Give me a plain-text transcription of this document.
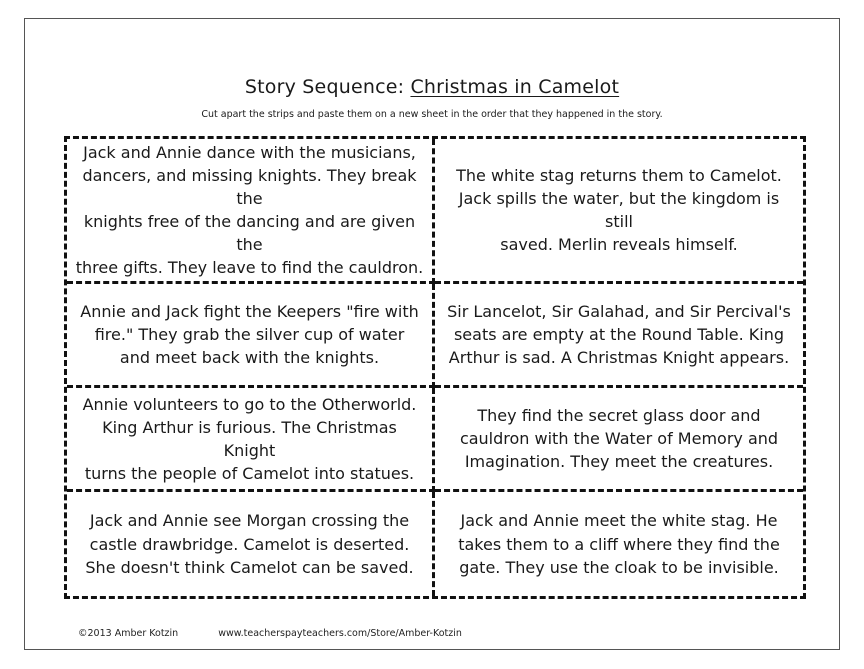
Story Sequence: Christmas in Camelot
Cut apart the strips and paste them on a new sheet in the order that they happened in the story.
Jack and Annie dance with the musicians,
dancers, and missing knights. They break the
knights free of the dancing and are given the
three gifts. They leave to find the cauldron.
The white stag returns them to Camelot.
Jack spills the water, but the kingdom is still
saved. Merlin reveals himself.
Annie and Jack fight the Keepers "fire with
fire." They grab the silver cup of water
and meet back with the knights.
Sir Lancelot, Sir Galahad, and Sir Percival's
seats are empty at the Round Table. King
Arthur is sad. A Christmas Knight appears.
Annie volunteers to go to the Otherworld.
King Arthur is furious. The Christmas Knight
turns the people of Camelot into statues.
They find the secret glass door and
cauldron with the Water of Memory and
Imagination. They meet the creatures.
Jack and Annie see Morgan crossing the
castle drawbridge. Camelot is deserted.
She doesn't think Camelot can be saved.
Jack and Annie meet the white stag. He
takes them to a cliff where they find the
gate. They use the cloak to be invisible.
©2013 Amber Kotzin	www.teacherspayteachers.com/Store/Amber-Kotzin
